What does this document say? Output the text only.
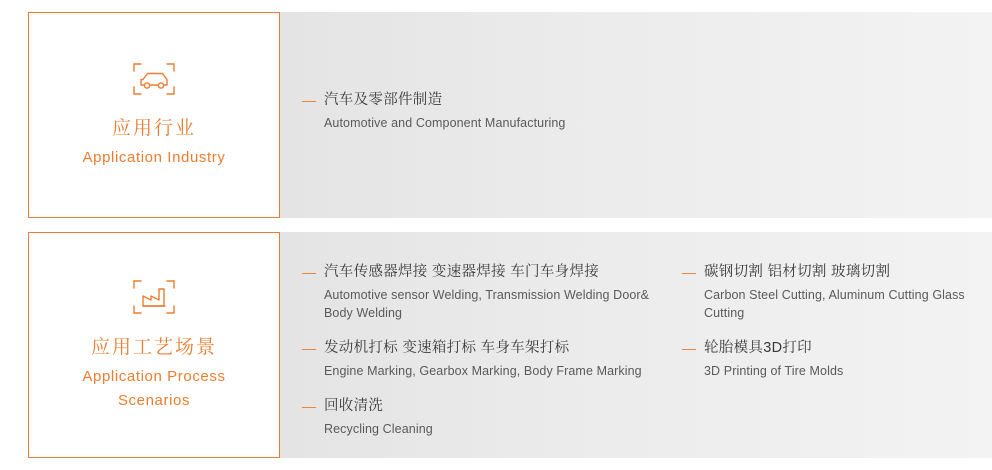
应用行业
Application Industry
— 汽车及零部件制造
Automotive and Component Manufacturing
应用工艺场景
Application Process
Scenarios
— 汽车传感器焊接 变速器焊接 车门车身焊接
Automotive sensor Welding, Transmission Welding Door& Body Welding
— 发动机打标 变速箱打标 车身车架打标
Engine Marking, Gearbox Marking, Body Frame Marking
— 回收清洗
Recycling Cleaning
— 碳钢切割 铝材切割 玻璃切割
Carbon Steel Cutting, Aluminum Cutting Glass Cutting
— 轮胎模具3D打印
3D Printing of Tire Molds
